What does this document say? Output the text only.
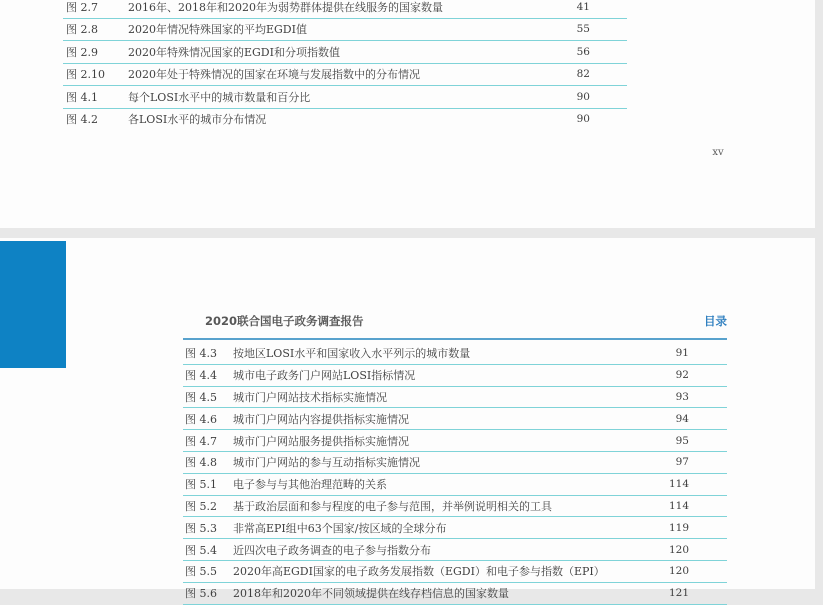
图 2.7	2016年、2018年和2020年为弱势群体提供在线服务的国家数量	41
图 2.8	2020年情况特殊国家的平均EGDI值	55
图 2.9	2020年特殊情况国家的EGDI和分项指数值	56
图 2.10	2020年处于特殊情况的国家在环境与发展指数中的分布情况	82
图 4.1	每个LOSI水平中的城市数量和百分比	90
图 4.2	各LOSI水平的城市分布情况	90
xv
2020联合国电子政务调查报告	目录
图 4.3	按地区LOSI水平和国家收入水平列示的城市数量	91
图 4.4	城市电子政务门户网站LOSI指标情况	92
图 4.5	城市门户网站技术指标实施情况	93
图 4.6	城市门户网站内容提供指标实施情况	94
图 4.7	城市门户网站服务提供指标实施情况	95
图 4.8	城市门户网站的参与互动指标实施情况	97
图 5.1	电子参与与其他治理范畴的关系	114
图 5.2	基于政治层面和参与程度的电子参与范围，并举例说明相关的工具	114
图 5.3	非常高EPI组中63个国家/按区域的全球分布	119
图 5.4	近四次电子政务调查的电子参与指数分布	120
图 5.5	2020年高EGDI国家的电子政务发展指数（EGDI）和电子参与指数（EPI）	120
图 5.6	2018年和2020年不同领域提供在线存档信息的国家数量	121
